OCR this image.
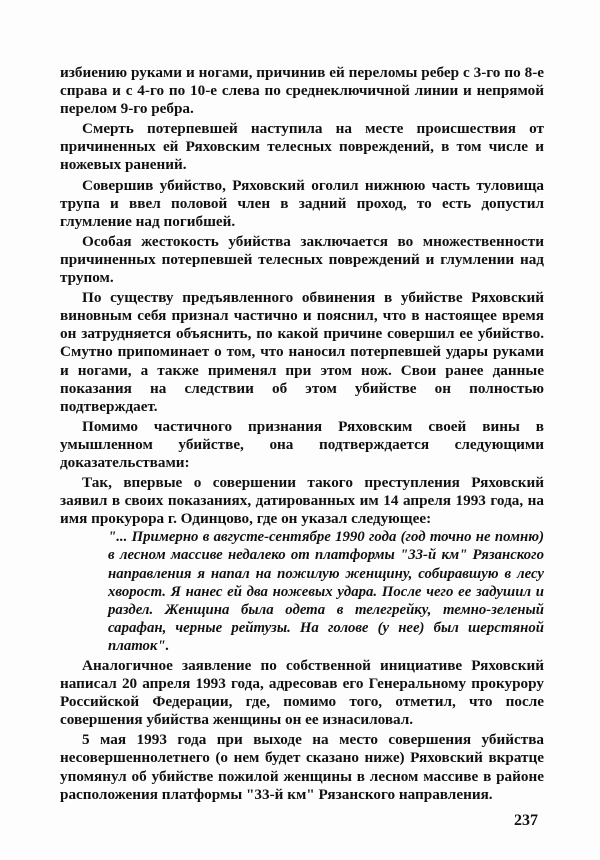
избиению руками и ногами, причинив ей переломы ребер с 3-го по 8-е справа и с 4-го по 10-е слева по среднеключичной линии и непрямой перелом 9-го ребра.

Смерть потерпевшей наступила на месте происшествия от причиненных ей Ряховским телесных повреждений, в том числе и ножевых ранений.

Совершив убийство, Ряховский оголил нижнюю часть туловища трупа и ввел половой член в задний проход, то есть допустил глумление над погибшей.

Особая жестокость убийства заключается во множественности причиненных потерпевшей телесных повреждений и глумлении над трупом.

По существу предъявленного обвинения в убийстве Ряховский виновным себя признал частично и пояснил, что в настоящее время он затрудняется объяснить, по какой причине совершил ее убийство. Смутно припоминает о том, что наносил потерпевшей удары руками и ногами, а также применял при этом нож. Свои ранее данные показания на следствии об этом убийстве он полностью подтверждает.

Помимо частичного признания Ряховским своей вины в умышленном убийстве, она подтверждается следующими доказательствами:

Так, впервые о совершении такого преступления Ряховский заявил в своих показаниях, датированных им 14 апреля 1993 года, на имя прокурора г. Одинцово, где он указал следующее:

"... Примерно в августе-сентябре 1990 года (год точно не помню) в лесном массиве недалеко от платформы "33-й км" Рязанского направления я напал на пожилую женщину, собиравшую в лесу хворост. Я нанес ей два ножевых удара. После чего ее задушил и раздел. Женщина была одета в телегрейку, темно-зеленый сарафан, черные рейтузы. На голове (у нее) был шерстяной платок".

Аналогичное заявление по собственной инициативе Ряховский написал 20 апреля 1993 года, адресовав его Генеральному прокурору Российской Федерации, где, помимо того, отметил, что после совершения убийства женщины он ее изнасиловал.

5 мая 1993 года при выходе на место совершения убийства несовершеннолетнего (о нем будет сказано ниже) Ряховский вкратце упомянул об убийстве пожилой женщины в лесном массиве в районе расположения платформы "33-й км" Рязанского направления.

237
